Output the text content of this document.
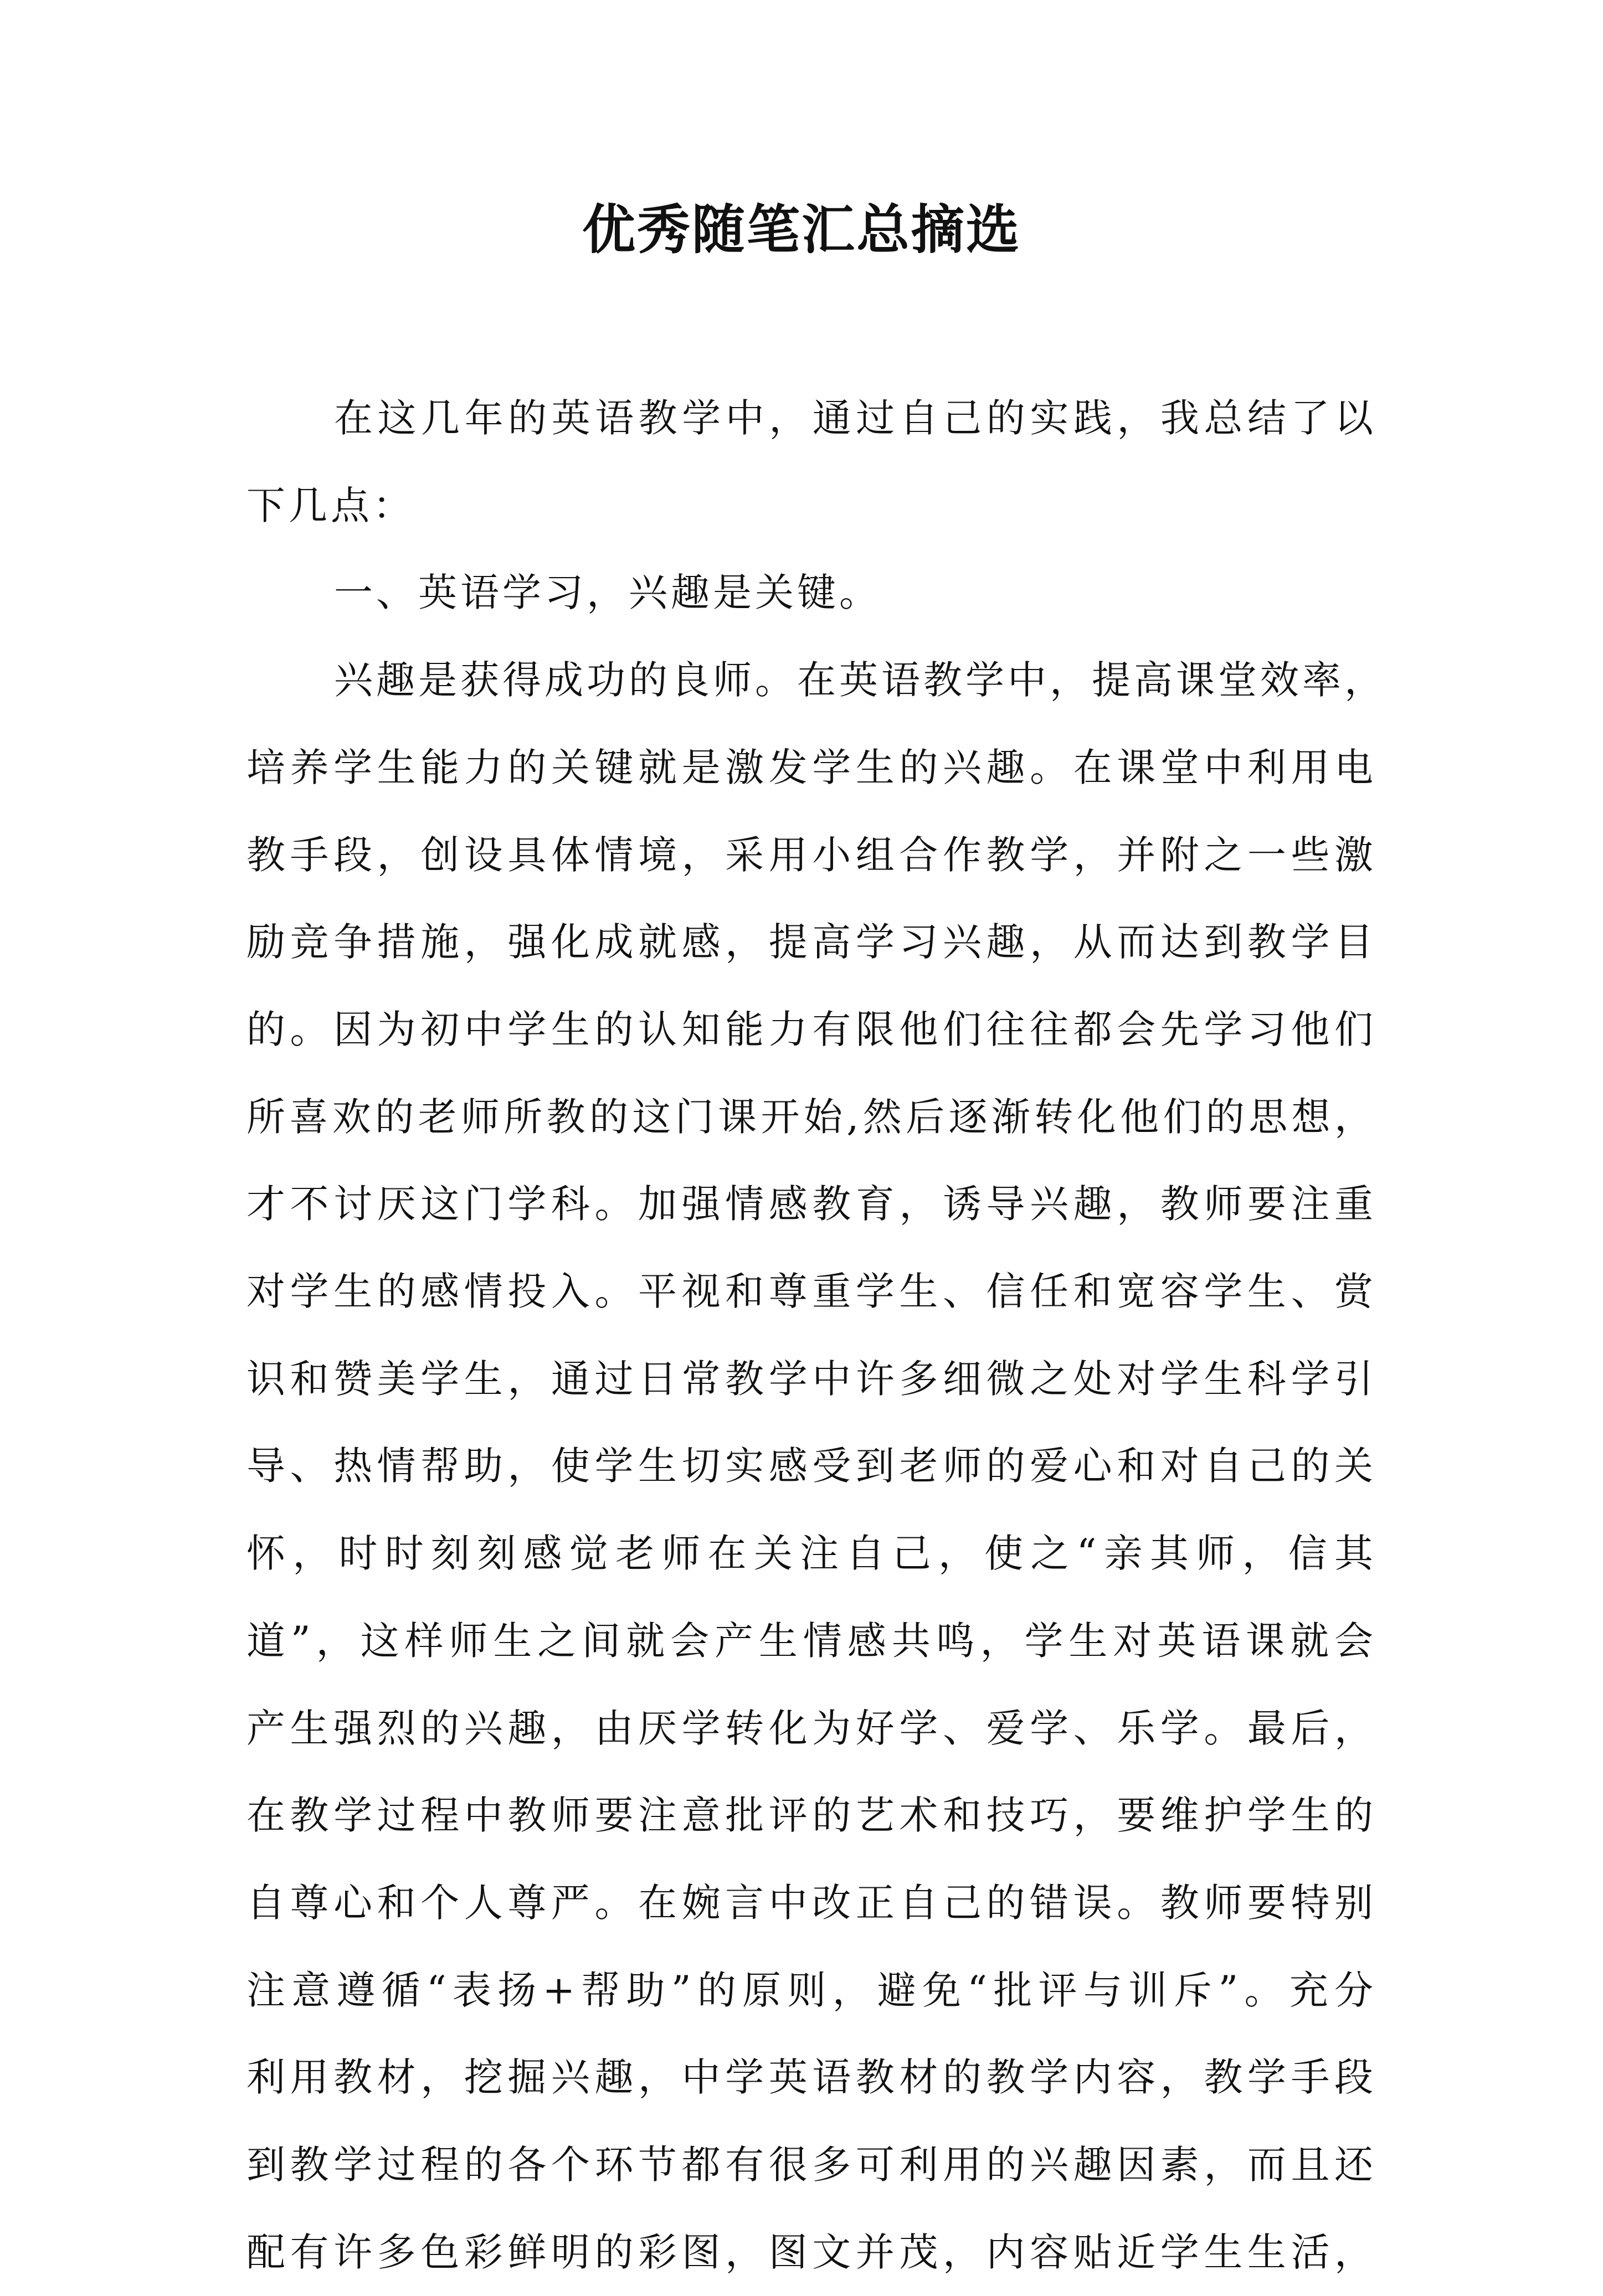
优秀随笔汇总摘选
在这几年的英语教学中，通过自己的实践，我总结了以
下几点：
一、英语学习，兴趣是关键。
兴趣是获得成功的良师。在英语教学中，提高课堂效率，
培养学生能力的关键就是激发学生的兴趣。在课堂中利用电
教手段，创设具体情境，采用小组合作教学，并附之一些激
励竞争措施，强化成就感，提高学习兴趣，从而达到教学目
的。因为初中学生的认知能力有限他们往往都会先学习他们
所喜欢的老师所教的这门课开始,然后逐渐转化他们的思想，
才不讨厌这门学科。加强情感教育，诱导兴趣，教师要注重
对学生的感情投入。平视和尊重学生、信任和宽容学生、赏
识和赞美学生，通过日常教学中许多细微之处对学生科学引
导、热情帮助，使学生切实感受到老师的爱心和对自己的关
怀，时时刻刻感觉老师在关注自己，使之“亲其师，信其
道”，这样师生之间就会产生情感共鸣，学生对英语课就会
产生强烈的兴趣，由厌学转化为好学、爱学、乐学。最后，
在教学过程中教师要注意批评的艺术和技巧，要维护学生的
自尊心和个人尊严。在婉言中改正自己的错误。教师要特别
注意遵循“表扬+帮助”的原则，避免“批评与训斥”。充分
利用教材，挖掘兴趣，中学英语教材的教学内容，教学手段
到教学过程的各个环节都有很多可利用的兴趣因素，而且还
配有许多色彩鲜明的彩图，图文并茂，内容贴近学生生活，
